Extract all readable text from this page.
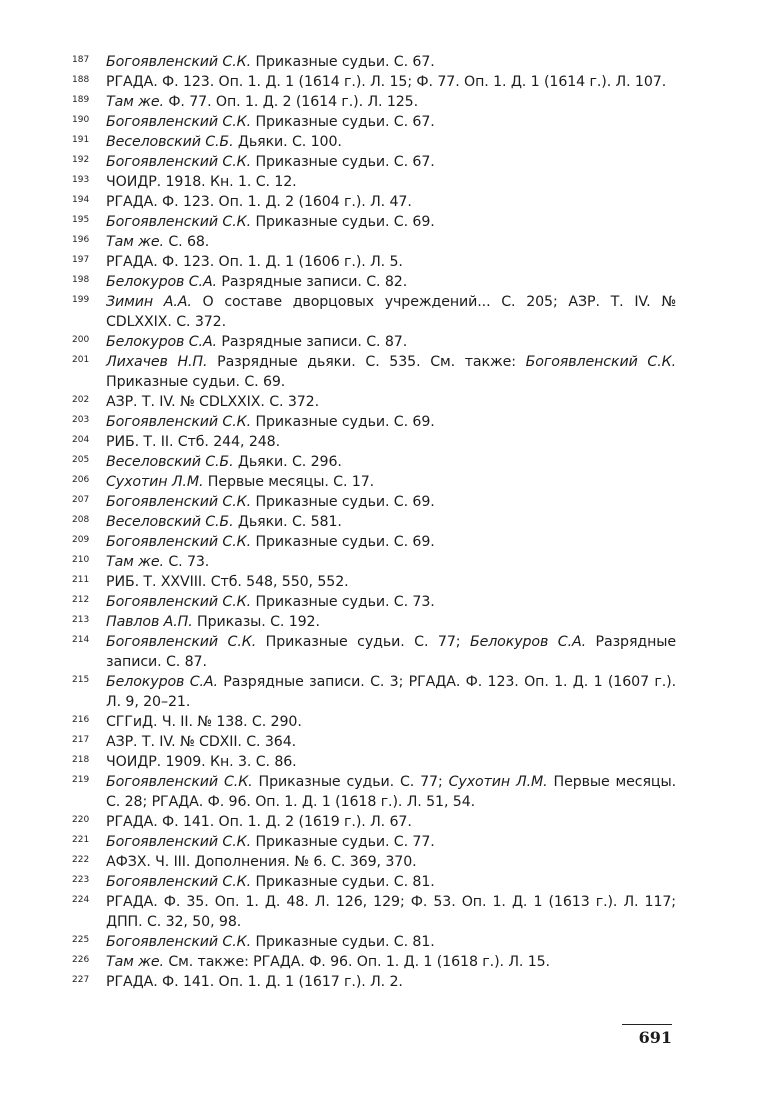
187	Богоявленский С.К. Приказные судьи. С. 67.
188	РГАДА. Ф. 123. Оп. 1. Д. 1 (1614 г.). Л. 15; Ф. 77. Оп. 1. Д. 1 (1614 г.). Л. 107.
189	Там же. Ф. 77. Оп. 1. Д. 2 (1614 г.). Л. 125.
190	Богоявленский С.К. Приказные судьи. С. 67.
191	Веселовский С.Б. Дьяки. С. 100.
192	Богоявленский С.К. Приказные судьи. С. 67.
193	ЧОИДР. 1918. Кн. 1. С. 12.
194	РГАДА. Ф. 123. Оп. 1. Д. 2 (1604 г.). Л. 47.
195	Богоявленский С.К. Приказные судьи. С. 69.
196	Там же. С. 68.
197	РГАДА. Ф. 123. Оп. 1. Д. 1 (1606 г.). Л. 5.
198	Белокуров С.А. Разрядные записи. С. 82.
199	Зимин А.А. О составе дворцовых учреждений... С. 205; АЗР. Т. IV. № CDLXXIX. С. 372.
200	Белокуров С.А. Разрядные записи. С. 87.
201	Лихачев Н.П. Разрядные дьяки. С. 535. См. также: Богоявленский С.К. Приказные судьи. С. 69.
202	АЗР. Т. IV. № CDLXXIX. С. 372.
203	Богоявленский С.К. Приказные судьи. С. 69.
204	РИБ. Т. II. Стб. 244, 248.
205	Веселовский С.Б. Дьяки. С. 296.
206	Сухотин Л.М. Первые месяцы. С. 17.
207	Богоявленский С.К. Приказные судьи. С. 69.
208	Веселовский С.Б. Дьяки. С. 581.
209	Богоявленский С.К. Приказные судьи. С. 69.
210	Там же. С. 73.
211	РИБ. Т. XXVIII. Стб. 548, 550, 552.
212	Богоявленский С.К. Приказные судьи. С. 73.
213	Павлов А.П. Приказы. С. 192.
214	Богоявленский С.К. Приказные судьи. С. 77; Белокуров С.А. Разрядные записи. С. 87.
215	Белокуров С.А. Разрядные записи. С. 3; РГАДА. Ф. 123. Оп. 1. Д. 1 (1607 г.). Л. 9, 20–21.
216	СГГиД. Ч. II. № 138. С. 290.
217	АЗР. Т. IV. № CDXII. С. 364.
218	ЧОИДР. 1909. Кн. 3. С. 86.
219	Богоявленский С.К. Приказные судьи. С. 77; Сухотин Л.М. Первые месяцы. С. 28; РГАДА. Ф. 96. Оп. 1. Д. 1 (1618 г.). Л. 51, 54.
220	РГАДА. Ф. 141. Оп. 1. Д. 2 (1619 г.). Л. 67.
221	Богоявленский С.К. Приказные судьи. С. 77.
222	АФЗХ. Ч. III. Дополнения. № 6. С. 369, 370.
223	Богоявленский С.К. Приказные судьи. С. 81.
224	РГАДА. Ф. 35. Оп. 1. Д. 48. Л. 126, 129; Ф. 53. Оп. 1. Д. 1 (1613 г.). Л. 117; ДПП. С. 32, 50, 98.
225	Богоявленский С.К. Приказные судьи. С. 81.
226	Там же. См. также: РГАДА. Ф. 96. Оп. 1. Д. 1 (1618 г.). Л. 15.
227	РГАДА. Ф. 141. Оп. 1. Д. 1 (1617 г.). Л. 2.
691
